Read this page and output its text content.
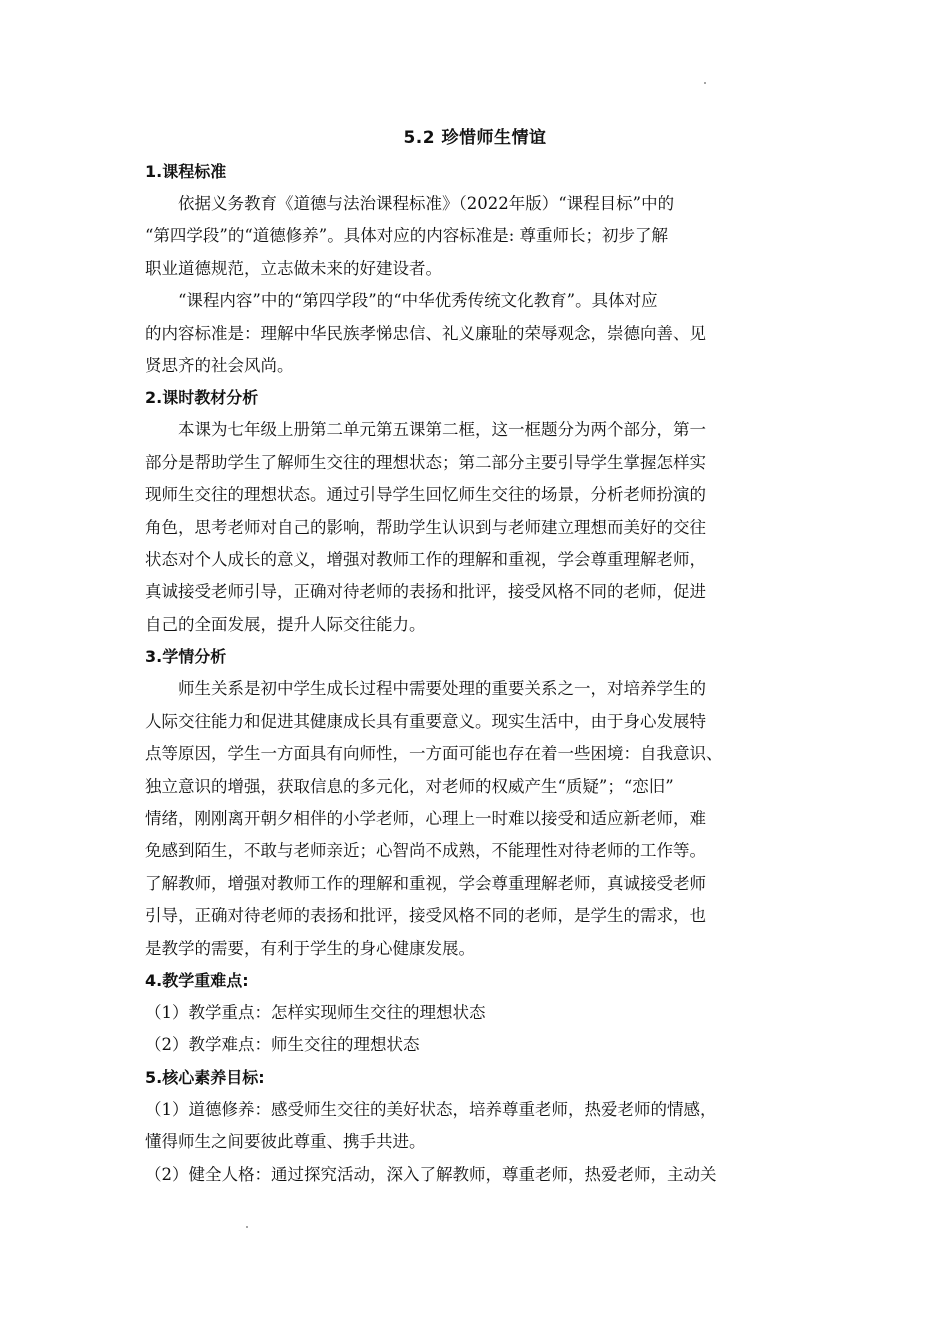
5.2 珍惜师生情谊
1.课程标准
依据义务教育《道德与法治课程标准》（2022年版）“课程目标”中的
“第四学段”的“道德修养”。具体对应的内容标准是: 尊重师长；初步了解
职业道德规范，立志做未来的好建设者。
“课程内容”中的“第四学段”的“中华优秀传统文化教育”。具体对应
的内容标准是：理解中华民族孝悌忠信、礼义廉耻的荣辱观念，崇德向善、见
贤思齐的社会风尚。
2.课时教材分析
本课为七年级上册第二单元第五课第二框，这一框题分为两个部分，第一
部分是帮助学生了解师生交往的理想状态；第二部分主要引导学生掌握怎样实
现师生交往的理想状态。通过引导学生回忆师生交往的场景，分析老师扮演的
角色，思考老师对自己的影响，帮助学生认识到与老师建立理想而美好的交往
状态对个人成长的意义，增强对教师工作的理解和重视，学会尊重理解老师，
真诚接受老师引导，正确对待老师的表扬和批评，接受风格不同的老师，促进
自己的全面发展，提升人际交往能力。
3.学情分析
师生关系是初中学生成长过程中需要处理的重要关系之一，对培养学生的
人际交往能力和促进其健康成长具有重要意义。现实生活中，由于身心发展特
点等原因，学生一方面具有向师性，一方面可能也存在着一些困境：自我意识、
独立意识的增强，获取信息的多元化，对老师的权威产生“质疑”；“恋旧”
情绪，刚刚离开朝夕相伴的小学老师，心理上一时难以接受和适应新老师，难
免感到陌生，不敢与老师亲近；心智尚不成熟，不能理性对待老师的工作等。
了解教师，增强对教师工作的理解和重视，学会尊重理解老师，真诚接受老师
引导，正确对待老师的表扬和批评，接受风格不同的老师，是学生的需求，也
是教学的需要，有利于学生的身心健康发展。
4.教学重难点:
（1）教学重点：怎样实现师生交往的理想状态
（2）教学难点：师生交往的理想状态
5.核心素养目标:
（1）道德修养：感受师生交往的美好状态，培养尊重老师，热爱老师的情感，
懂得师生之间要彼此尊重、携手共进。
（2）健全人格：通过探究活动，深入了解教师，尊重老师，热爱老师，主动关
